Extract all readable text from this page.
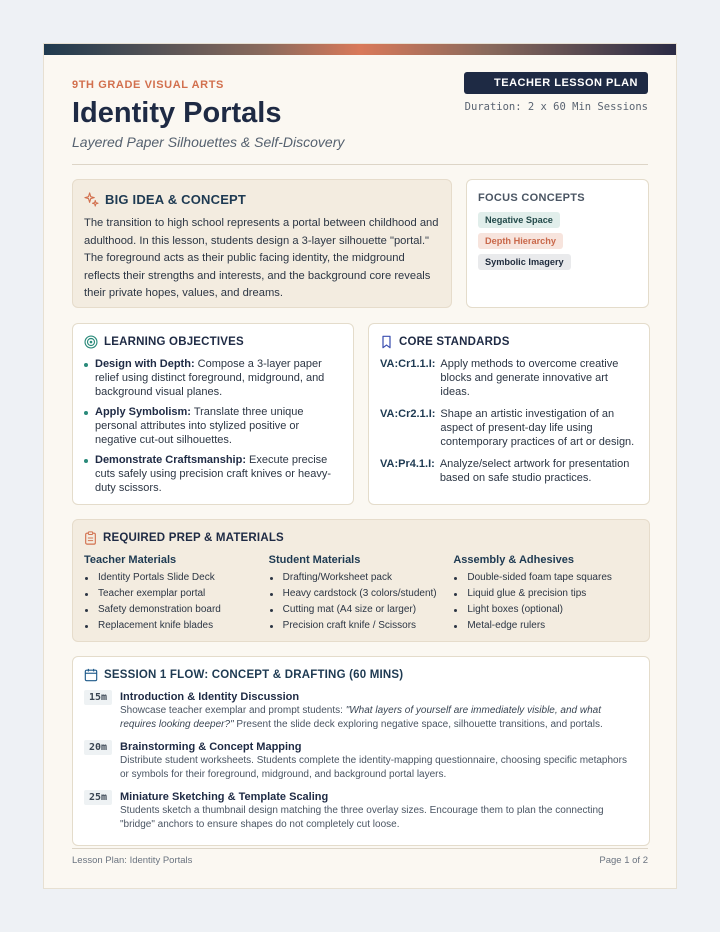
9TH GRADE VISUAL ARTS
Identity Portals
Layered Paper Silhouettes & Self-Discovery
TEACHER LESSON PLAN
Duration: 2 x 60 Min Sessions
BIG IDEA & CONCEPT

The transition to high school represents a portal between childhood and adulthood. In this lesson, students design a 3-layer silhouette "portal." The foreground acts as their public facing identity, the midground reflects their strengths and interests, and the background core reveals their private hopes, values, and dreams.

FOCUS CONCEPTS
Negative Space
Depth Hierarchy
Symbolic Imagery
LEARNING OBJECTIVES
Design with Depth: Compose a 3-layer paper relief using distinct foreground, midground, and background visual planes.
Apply Symbolism: Translate three unique personal attributes into stylized positive or negative cut-out silhouettes.
Demonstrate Craftsmanship: Execute precise cuts safely using precision craft knives or heavy-duty scissors.
CORE STANDARDS
VA:Cr1.1.I: Apply methods to overcome creative blocks and generate innovative art ideas.
VA:Cr2.1.I: Shape an artistic investigation of an aspect of present-day life using contemporary practices of art or design.
VA:Pr4.1.I: Analyze/select artwork for presentation based on safe studio practices.
REQUIRED PREP & MATERIALS
Teacher Materials
Identity Portals Slide Deck
Teacher exemplar portal
Safety demonstration board
Replacement knife blades
Student Materials
Drafting/Worksheet pack
Heavy cardstock (3 colors/student)
Cutting mat (A4 size or larger)
Precision craft knife / Scissors
Assembly & Adhesives
Double-sided foam tape squares
Liquid glue & precision tips
Light boxes (optional)
Metal-edge rulers
SESSION 1 FLOW: CONCEPT & DRAFTING (60 MINS)
15m	Introduction & Identity Discussion

Showcase teacher exemplar and prompt students: "What layers of yourself are immediately visible, and what requires looking deeper?" Present the slide deck exploring negative space, silhouette transitions, and portals.

20m	Brainstorming & Concept Mapping

Distribute student worksheets. Students complete the identity-mapping questionnaire, choosing specific metaphors or symbols for their foreground, midground, and background portal layers.

25m	Miniature Sketching & Template Scaling

Students sketch a thumbnail design matching the three overlay sizes. Encourage them to plan the connecting "bridge" anchors to ensure shapes do not completely cut loose.

Lesson Plan: Identity Portals	Page 1 of 2
